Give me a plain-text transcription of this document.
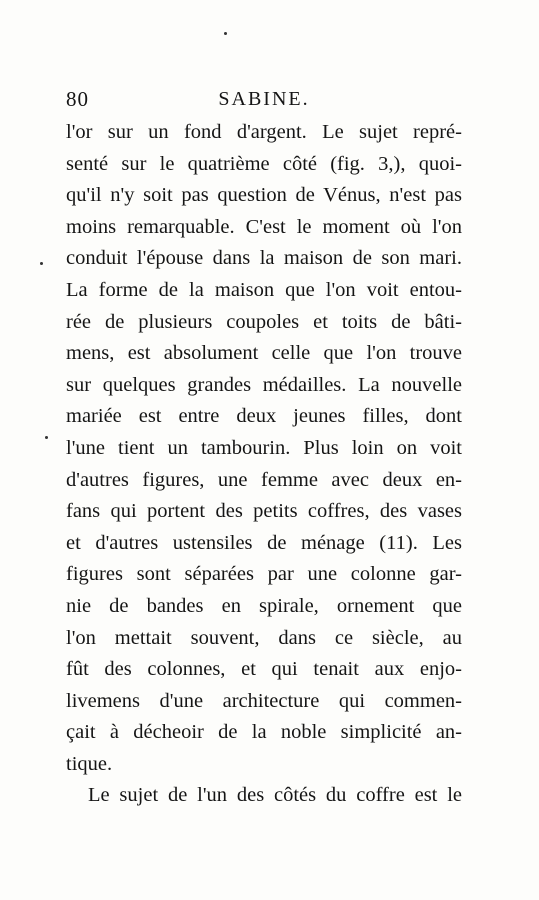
80	SABINE.
l'or sur un fond d'argent. Le sujet repré-
senté sur le quatrième côté (fig. 3,), quoi-
qu'il n'y soit pas question de Vénus, n'est pas
moins remarquable. C'est le moment où l'on
conduit l'épouse dans la maison de son mari.
La forme de la maison que l'on voit entou-
rée de plusieurs coupoles et toits de bâti-
mens, est absolument celle que l'on trouve
sur quelques grandes médailles. La nouvelle
mariée est entre deux jeunes filles, dont
l'une tient un tambourin. Plus loin on voit
d'autres figures, une femme avec deux en-
fans qui portent des petits coffres, des vases
et d'autres ustensiles de ménage (11). Les
figures sont séparées par une colonne gar-
nie de bandes en spirale, ornement que
l'on mettait souvent, dans ce siècle, au
fût des colonnes, et qui tenait aux enjo-
livemens d'une architecture qui commen-
çait à décheoir de la noble simplicité an-
tique.
Le sujet de l'un des côtés du coffre est le
